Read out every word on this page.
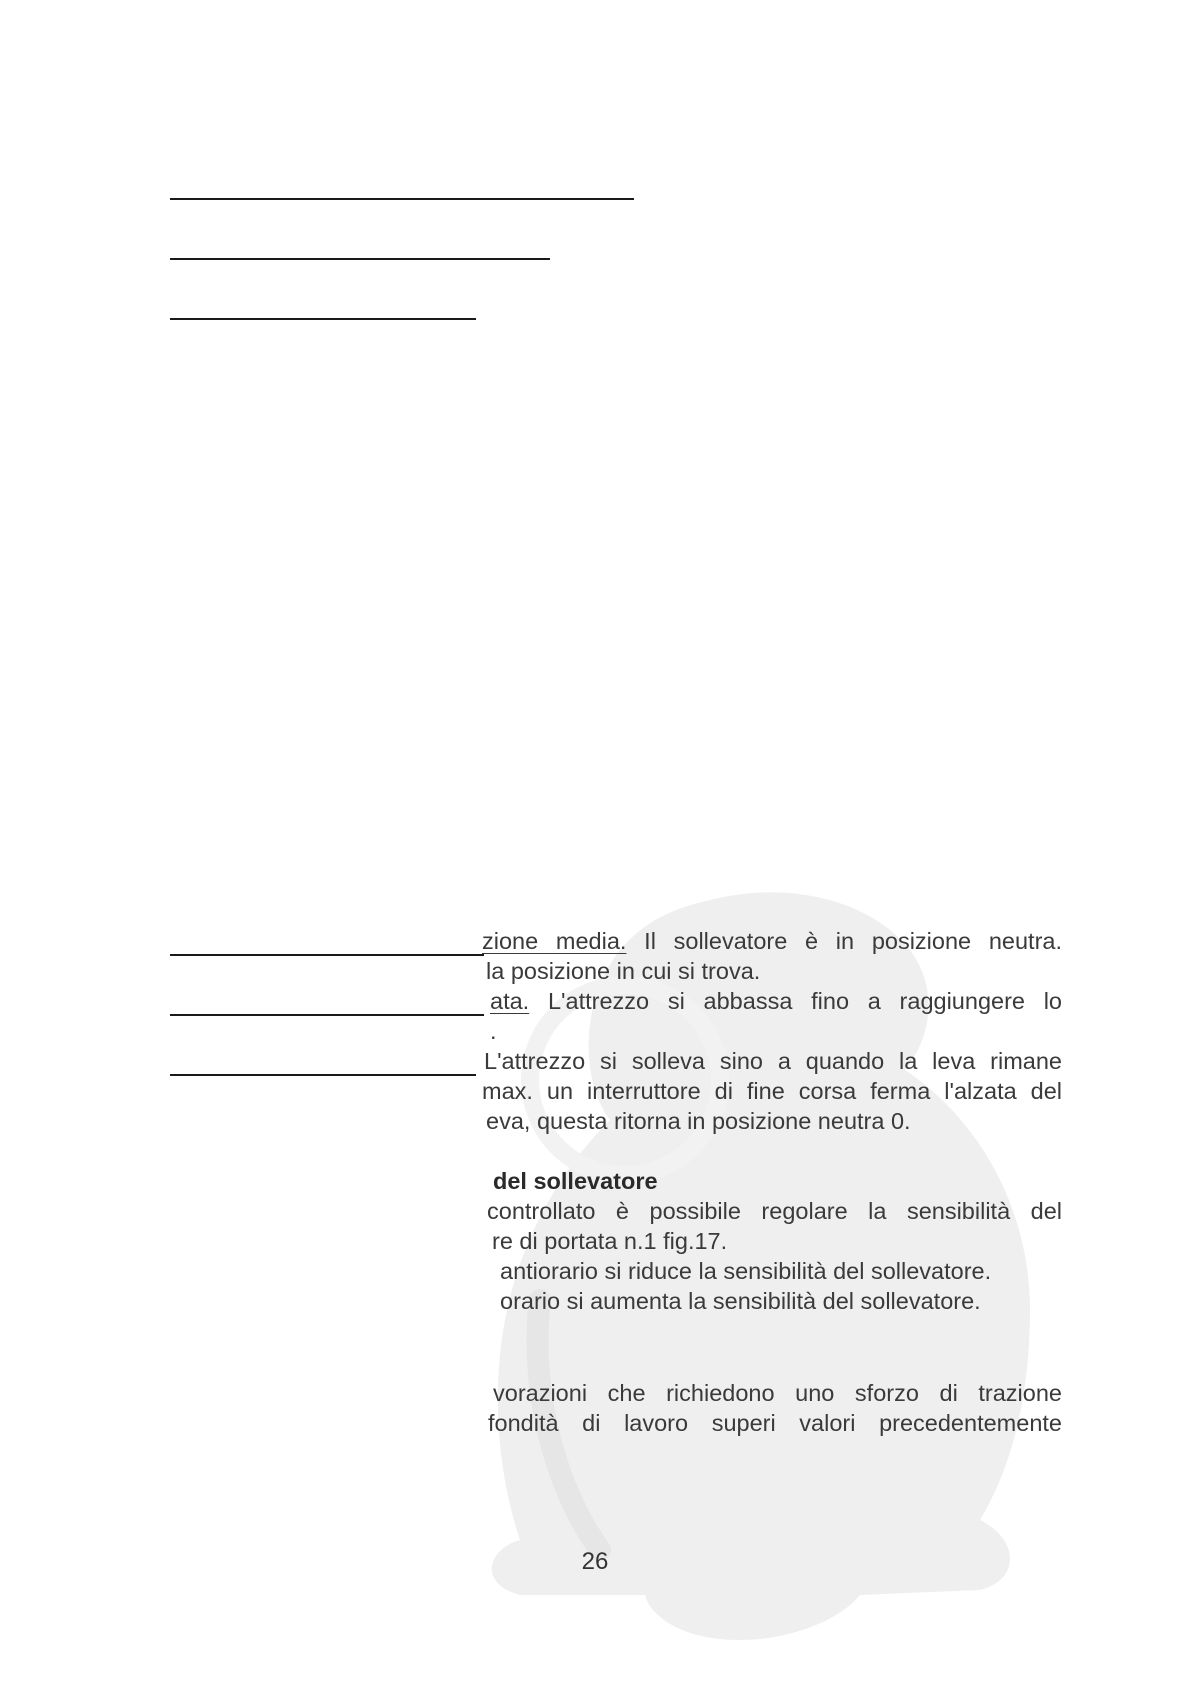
zione media. Il sollevatore è in posizione neutra.
la posizione in cui si trova.
ata. L'attrezzo si abbassa fino a raggiungere lo
.
L'attrezzo si solleva sino a quando la leva rimane
max. un interruttore di fine corsa ferma l'alzata del
eva, questa ritorna in posizione neutra 0.
del sollevatore
controllato è possibile regolare la sensibilità del
re di portata n.1 fig.17.
antiorario si riduce la sensibilità del sollevatore.
orario si aumenta la sensibilità del sollevatore.
vorazioni che richiedono uno sforzo di trazione
fondità di lavoro superi valori precedentemente
26
